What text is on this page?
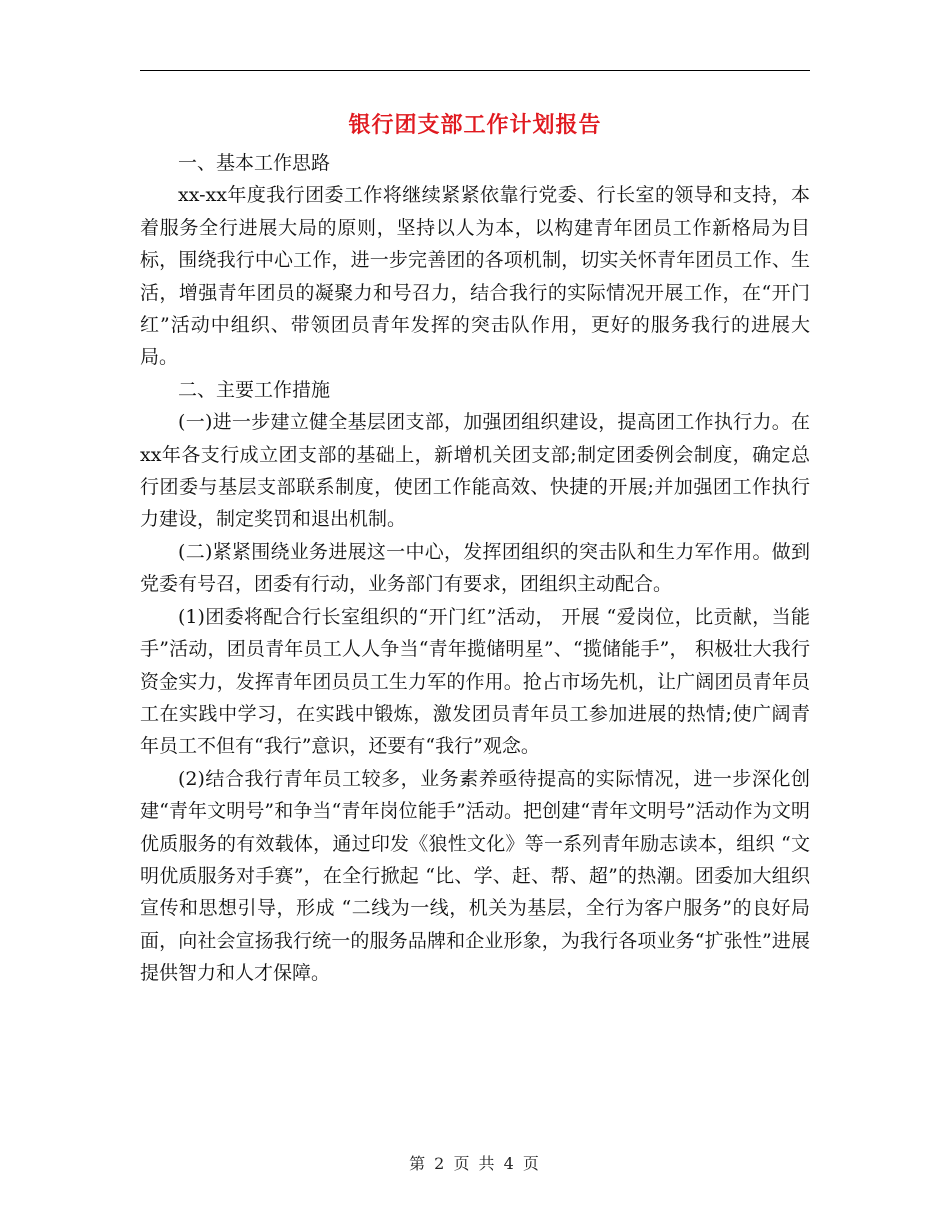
银行团支部工作计划报告

一、基本工作思路

xx-xx年度我行团委工作将继续紧紧依靠行党委、行长室的领导和支持，本着服务全行进展大局的原则，坚持以人为本，以构建青年团员工作新格局为目标，围绕我行中心工作，进一步完善团的各项机制，切实关怀青年团员工作、生活，增强青年团员的凝聚力和号召力，结合我行的实际情况开展工作，在“开门红”活动中组织、带领团员青年发挥的突击队作用，更好的服务我行的进展大局。

二、主要工作措施

(一)进一步建立健全基层团支部，加强团组织建设，提高团工作执行力。在xx年各支行成立团支部的基础上，新增机关团支部;制定团委例会制度，确定总行团委与基层支部联系制度，使团工作能高效、快捷的开展;并加强团工作执行力建设，制定奖罚和退出机制。

(二)紧紧围绕业务进展这一中心，发挥团组织的突击队和生力军作用。做到党委有号召，团委有行动，业务部门有要求，团组织主动配合。

(1)团委将配合行长室组织的“开门红”活动， 开展 “爱岗位，比贡献，当能手”活动，团员青年员工人人争当“青年揽储明星”、“揽储能手”， 积极壮大我行资金实力，发挥青年团员员工生力军的作用。抢占市场先机，让广阔团员青年员工在实践中学习，在实践中锻炼，激发团员青年员工参加进展的热情;使广阔青年员工不但有“我行”意识，还要有“我行”观念。

(2)结合我行青年员工较多，业务素养亟待提高的实际情况，进一步深化创建“青年文明号”和争当“青年岗位能手”活动。把创建“青年文明号”活动作为文明优质服务的有效载体，通过印发《狼性文化》等一系列青年励志读本，组织 “文明优质服务对手赛”，在全行掀起 “比、学、赶、帮、超”的热潮。团委加大组织宣传和思想引导，形成 “二线为一线，机关为基层，全行为客户服务”的良好局面，向社会宣扬我行统一的服务品牌和企业形象，为我行各项业务“扩张性”进展提供智力和人才保障。

第 2 页 共 4 页
